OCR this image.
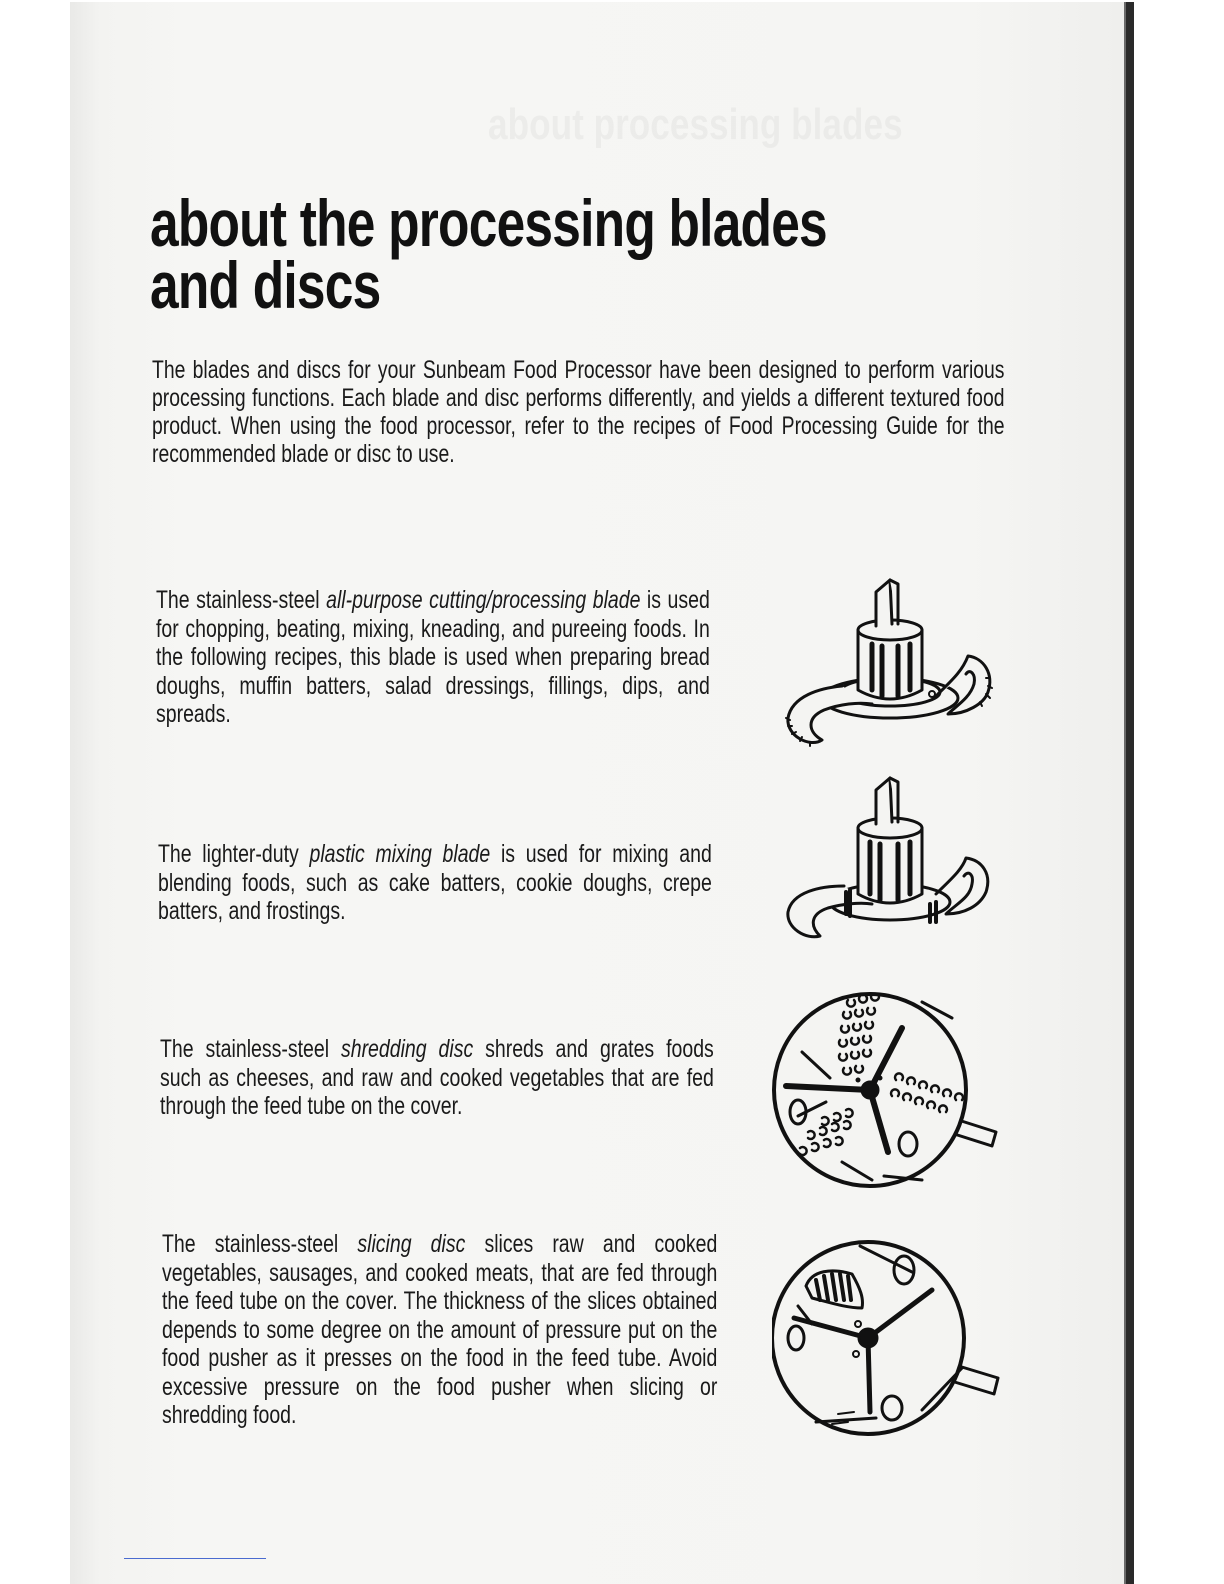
about the processing blades
and discs

The blades and discs for your Sunbeam Food Processor have been designed to perform various processing functions. Each blade and disc performs differently, and yields a different textured food product. When using the food processor, refer to the recipes of Food Processing Guide for the recommended blade or disc to use.

The stainless-steel all-purpose cutting/processing blade is used for chopping, beating, mixing, kneading, and pureeing foods. In the following recipes, this blade is used when preparing bread doughs, muffin batters, salad dressings, fillings, dips, and spreads.

The lighter-duty plastic mixing blade is used for mixing and blending foods, such as cake batters, cookie doughs, crepe batters, and frostings.

The stainless-steel shredding disc shreds and grates foods such as cheeses, and raw and cooked vegetables that are fed through the feed tube on the cover.

The stainless-steel slicing disc slices raw and cooked vegetables, sausages, and cooked meats, that are fed through the feed tube on the cover. The thickness of the slices obtained depends to some degree on the amount of pressure put on the food pusher as it presses on the food in the feed tube. Avoid excessive pressure on the food pusher when slicing or shredding food.
